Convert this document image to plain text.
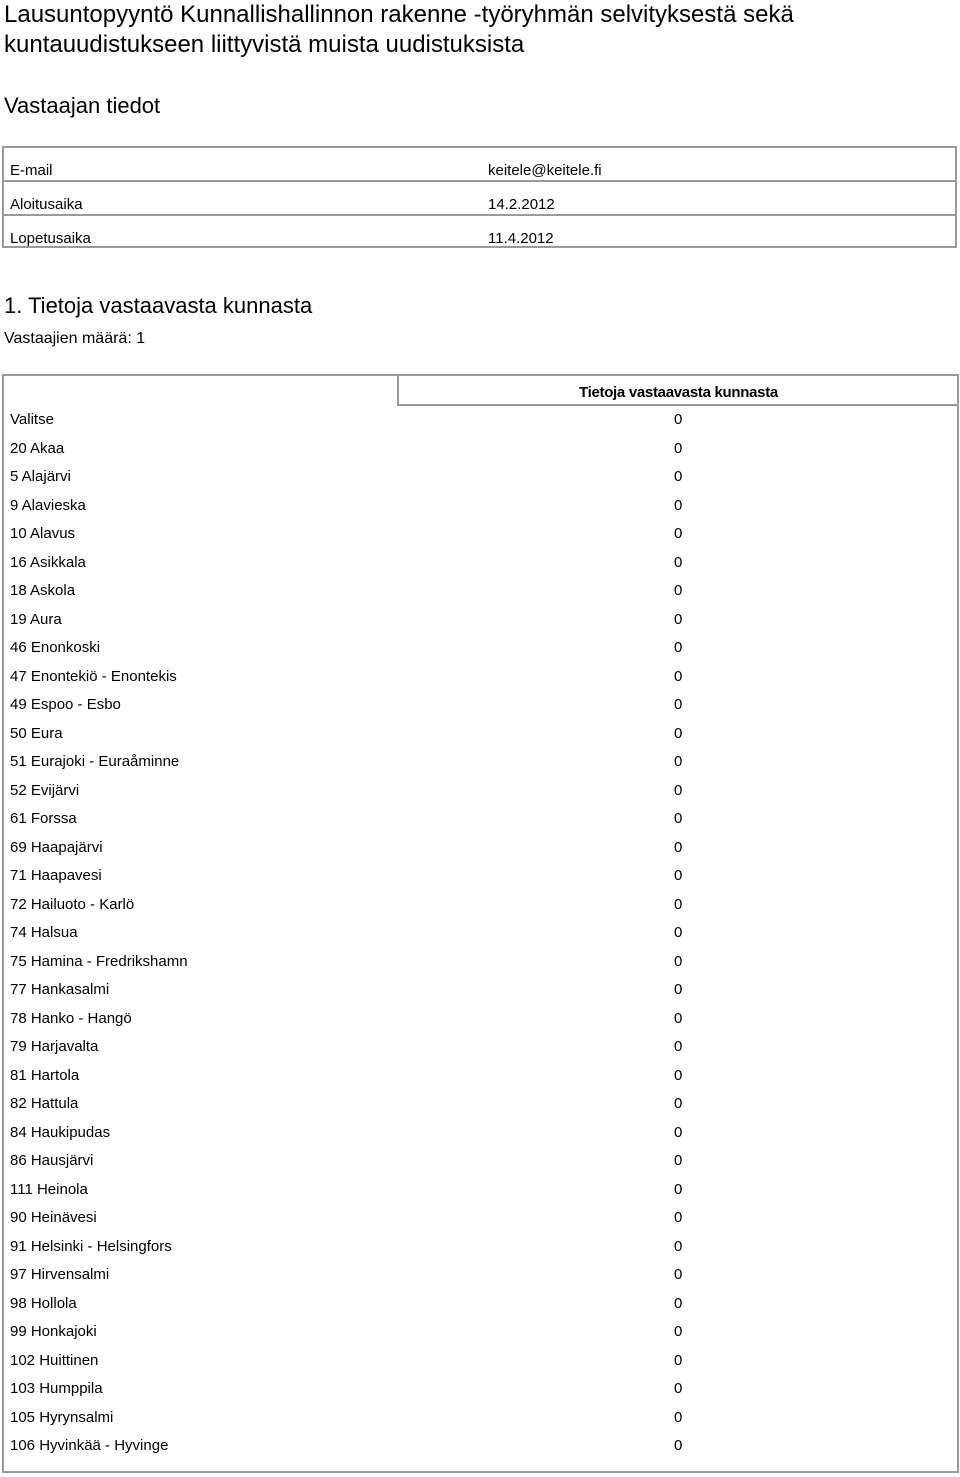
Lausuntopyyntö Kunnallishallinnon rakenne -työryhmän selvityksestä sekä kuntauudistukseen liittyvistä muista uudistuksista
Vastaajan tiedot
E-mail	keitele@keitele.fi
Aloitusaika	14.2.2012
Lopetusaika	11.4.2012
1. Tietoja vastaavasta kunnasta
Vastaajien määrä: 1
Tietoja vastaavasta kunnasta
Valitse	0
20 Akaa	0
5 Alajärvi	0
9 Alavieska	0
10 Alavus	0
16 Asikkala	0
18 Askola	0
19 Aura	0
46 Enonkoski	0
47 Enontekiö - Enontekis	0
49 Espoo - Esbo	0
50 Eura	0
51 Eurajoki - Euraåminne	0
52 Evijärvi	0
61 Forssa	0
69 Haapajärvi	0
71 Haapavesi	0
72 Hailuoto - Karlö	0
74 Halsua	0
75 Hamina - Fredrikshamn	0
77 Hankasalmi	0
78 Hanko - Hangö	0
79 Harjavalta	0
81 Hartola	0
82 Hattula	0
84 Haukipudas	0
86 Hausjärvi	0
111 Heinola	0
90 Heinävesi	0
91 Helsinki - Helsingfors	0
97 Hirvensalmi	0
98 Hollola	0
99 Honkajoki	0
102 Huittinen	0
103 Humppila	0
105 Hyrynsalmi	0
106 Hyvinkää - Hyvinge	0
